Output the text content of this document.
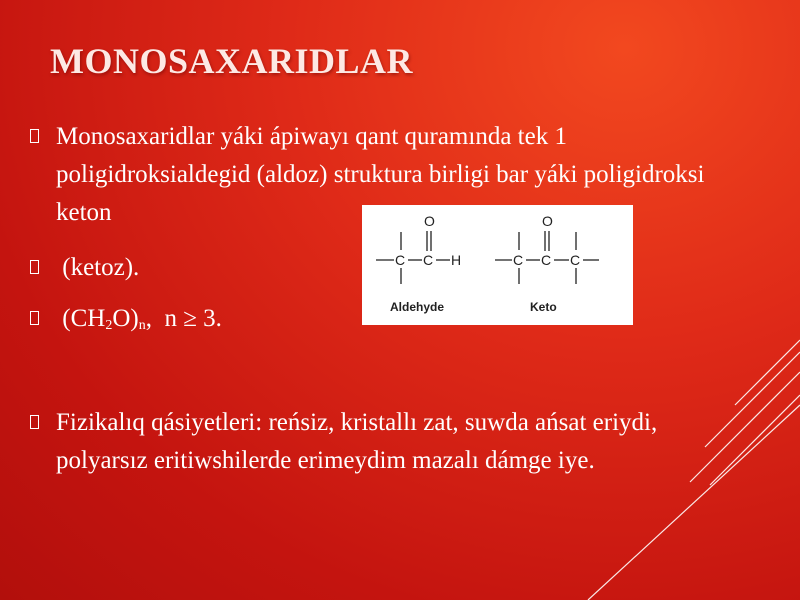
MONOSAXARIDLAR
Monosaxaridlar yáki ápiwayı qant quramında tek 1 poligidroksialdegid (aldoz) struktura birligi bar yáki poligidroksi keton
(ketoz).
$(CH_2O)_n$,  n ≥ 3.
Fizikalıq qásiyetleri: reńsiz, kristallı zat, suwda ańsat eriydi, polyarsız eritiwshilerde erimeydim mazalı dámge iye.
C C
O
H
Aldehyde
C C C
O
Keto
